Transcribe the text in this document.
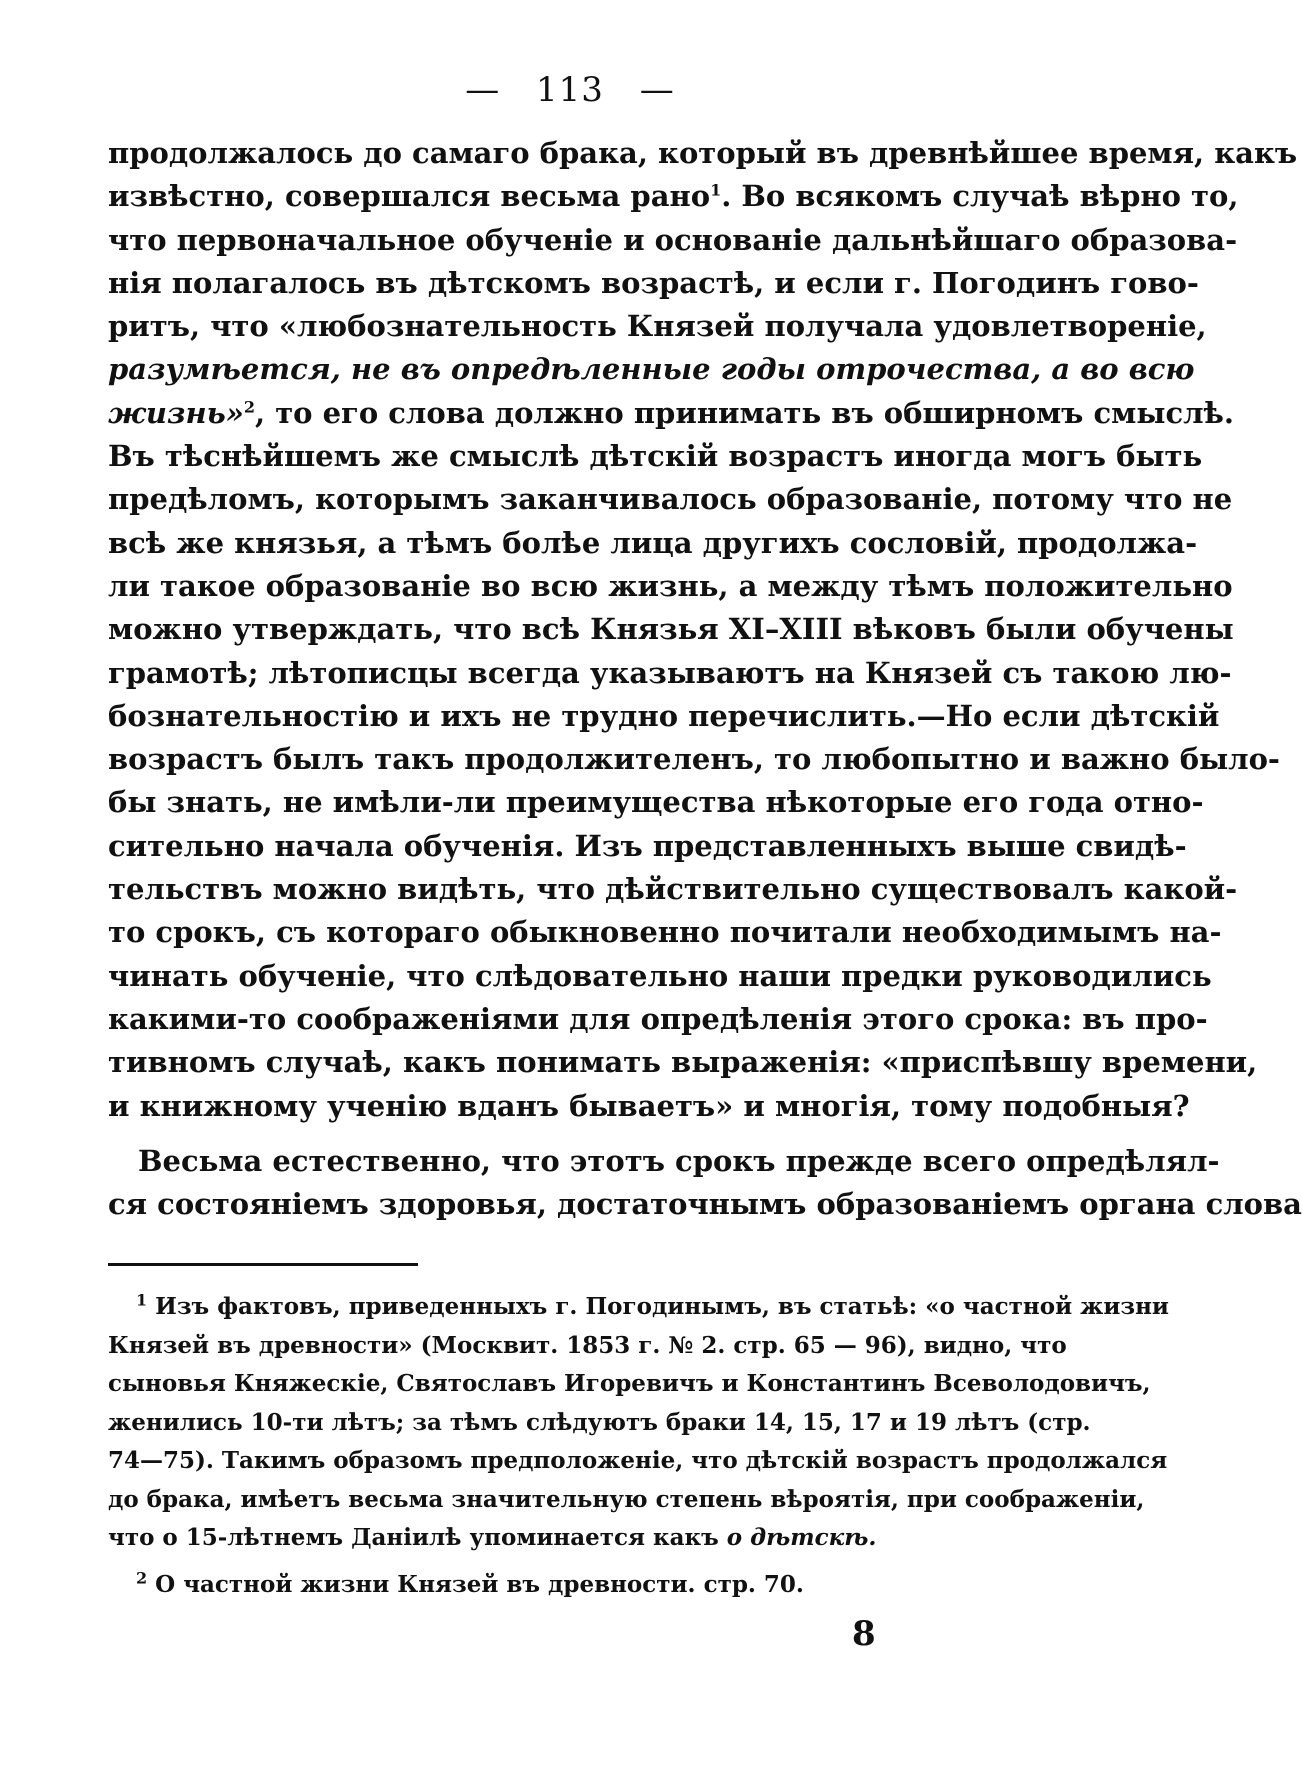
— 113 —
продолжалось до самаго брака, который въ древнѣйшее время, какъ
извѣстно, совершался весьма рано$^1$. Во всякомъ случаѣ вѣрно то,
что первоначальное обученіе и основаніе дальнѣйшаго образова-
нія полагалось въ дѣтскомъ возрастѣ, и если г. Погодинъ гово-
ритъ, что «любознательность Князей получала удовлетвореніе,
разумѣется, не въ опредѣленные годы отрочества, а во всю
жизнь»$^2$, то его слова должно принимать въ обширномъ смыслѣ.
Въ тѣснѣйшемъ же смыслѣ дѣтскій возрастъ иногда могъ быть
предѣломъ, которымъ заканчивалось образованіе, потому что не
всѣ же князья, а тѣмъ болѣе лица другихъ сословій, продолжа-
ли такое образованіе во всю жизнь, а между тѣмъ положительно
можно утверждать, что всѣ Князья XI–XIII вѣковъ были обучены
грамотѣ; лѣтописцы всегда указываютъ на Князей съ такою лю-
бознательностію и ихъ не трудно перечислить.—Но если дѣтскій
возрастъ былъ такъ продолжителенъ, то любопытно и важно было-
бы знать, не имѣли-ли преимущества нѣкоторые его года отно-
сительно начала обученія. Изъ представленныхъ выше свидѣ-
тельствъ можно видѣть, что дѣйствительно существовалъ какой-
то срокъ, съ котораго обыкновенно почитали необходимымъ на-
чинать обученіе, что слѣдовательно наши предки руководились
какими-то соображеніями для опредѣленія этого срока: въ про-
тивномъ случаѣ, какъ понимать выраженія: «приспѣвшу времени,
и книжному ученію вданъ бываетъ» и многія, тому подобныя?
Весьма естественно, что этотъ срокъ прежде всего опредѣлял-
ся состояніемъ здоровья, достаточнымъ образованіемъ органа слова
$^1$ Изъ фактовъ, приведенныхъ г. Погодинымъ, въ статьѣ: «о частной жизни
Князей въ древности» (Москвит. 1853 г. № 2. стр. 65 — 96), видно, что
сыновья Княжескіе, Святославъ Игоревичъ и Константинъ Всеволодовичъ,
женились 10-ти лѣтъ; за тѣмъ слѣдуютъ браки 14, 15, 17 и 19 лѣтъ (стр.
74—75). Такимъ образомъ предположеніе, что дѣтскій возрастъ продолжался
до брака, имѣетъ весьма значительную степень вѣроятія, при соображеніи,
что о 15-лѣтнемъ Даніилѣ упоминается какъ о дѣтскѣ.
$^2$ О частной жизни Князей въ древности. стр. 70.
8
